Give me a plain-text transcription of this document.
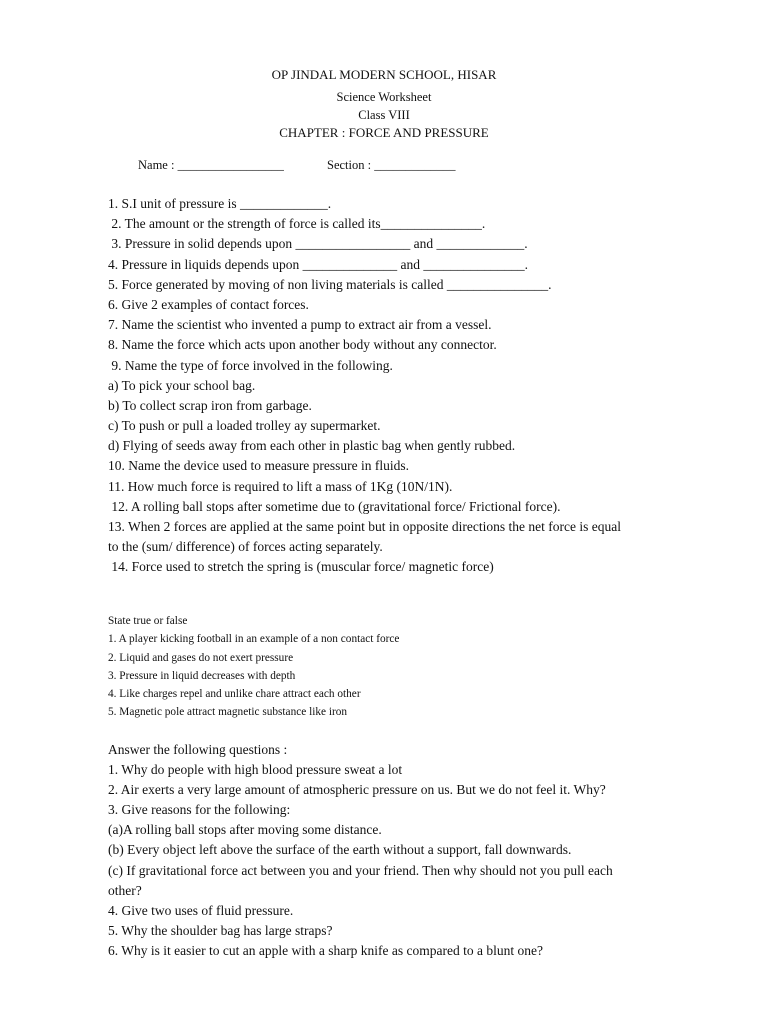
OP JINDAL MODERN SCHOOL, HISAR
Science Worksheet
Class VIII
CHAPTER : FORCE AND PRESSURE
Name : _________________	Section : _____________
1. S.I unit of pressure is _____________.
2. The amount or the strength of force is called its_______________.
3. Pressure in solid depends upon _________________ and _____________.
4. Pressure in liquids depends upon ______________ and _______________.
5. Force generated by moving of non living materials is called _______________.
6. Give 2 examples of contact forces.
7. Name the scientist who invented a pump to extract air from a vessel.
8. Name the force which acts upon another body without any connector.
9. Name the type of force involved in the following.
a) To pick your school bag.
b) To collect scrap iron from garbage.
c) To push or pull a loaded trolley ay supermarket.
d) Flying of seeds away from each other in plastic bag when gently rubbed.
10. Name the device used to measure pressure in fluids.
11. How much force is required to lift a mass of 1Kg (10N/1N).
12. A rolling ball stops after sometime due to (gravitational force/ Frictional force).
13. When 2 forces are applied at the same point but in opposite directions the net force is equal
to the (sum/ difference) of forces acting separately.
14. Force used to stretch the spring is (muscular force/ magnetic force)
State true or false
1. A player kicking football in an example of a non contact force
2. Liquid and gases do not exert pressure
3. Pressure in liquid decreases with depth
4. Like charges repel and unlike chare attract each other
5. Magnetic pole attract magnetic substance like iron
Answer the following questions :
1. Why do people with high blood pressure sweat a lot
2. Air exerts a very large amount of atmospheric pressure on us. But we do not feel it. Why?
3. Give reasons for the following:
(a)A rolling ball stops after moving some distance.
(b) Every object left above the surface of the earth without a support, fall downwards.
(c) If gravitational force act between you and your friend. Then why should not you pull each
other?
4. Give two uses of fluid pressure.
5. Why the shoulder bag has large straps?
6. Why is it easier to cut an apple with a sharp knife as compared to a blunt one?
